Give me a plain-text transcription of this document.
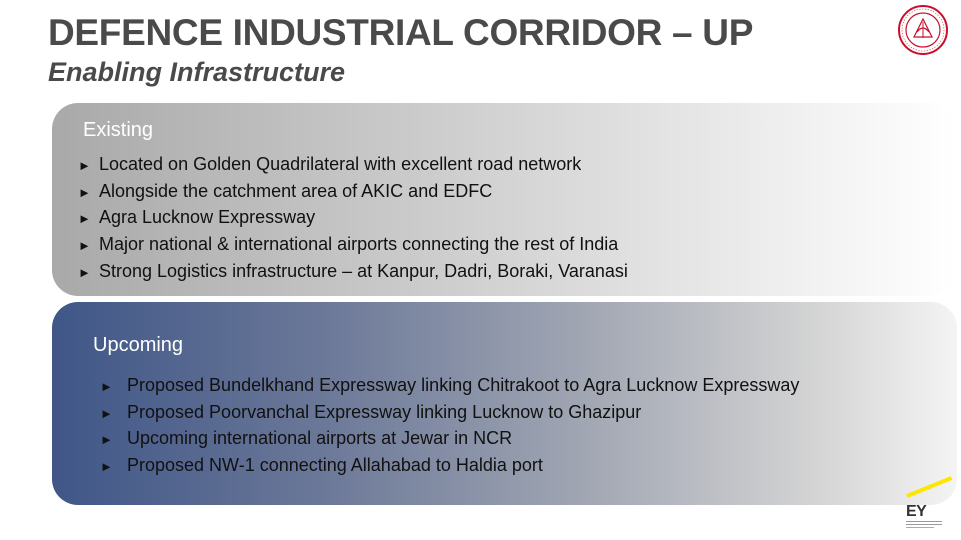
DEFENCE INDUSTRIAL CORRIDOR – UP
Enabling Infrastructure
Existing
► Located on Golden Quadrilateral with excellent road network
► Alongside the catchment area of AKIC and EDFC
► Agra Lucknow Expressway
► Major national & international airports connecting the rest of India
► Strong Logistics infrastructure – at Kanpur, Dadri, Boraki, Varanasi
Upcoming
► Proposed Bundelkhand Expressway linking Chitrakoot to Agra Lucknow Expressway
► Proposed Poorvanchal Expressway linking Lucknow to Ghazipur
► Upcoming international airports at Jewar in NCR
► Proposed NW-1 connecting Allahabad to Haldia port
EY
